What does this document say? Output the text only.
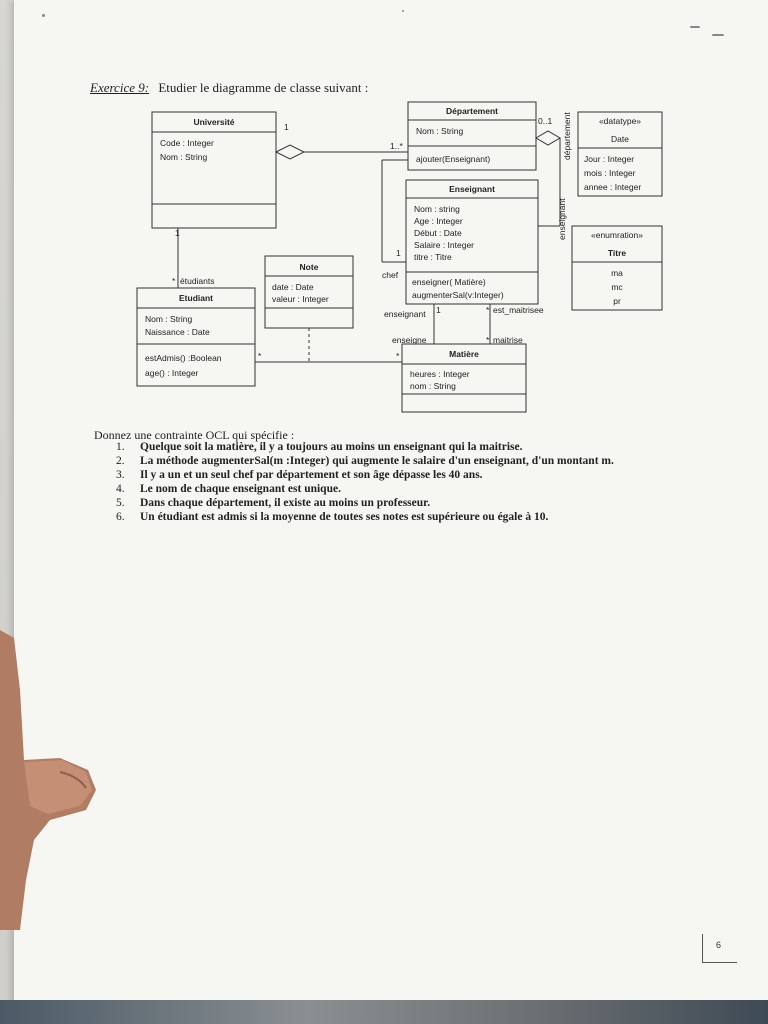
Exercice 9: Etudier le diagramme de classe suivant :
Université
Code : Integer
Nom : String
Département
Nom : String
ajouter(Enseignant)
Enseignant
Nom : string
Age : Integer
Début : Date
Salaire : Integer
titre : Titre
enseigner( Matière)
augmenterSal(v:Integer)
«datatype»
Date
Jour : Integer
mois : Integer
annee : Integer
«enumration»
Titre
ma
mc
pr
Note
date : Date
valeur : Integer
Etudiant
Nom : String
Naissance : Date
estAdmis() :Boolean
age() : Integer
Matière
heures : Integer
nom : String
1
1..*
0..1
enseignant
département
1
chef
* étudiants
1
enseignant 1	* est_maitrisee
enseigne	* maitrise
*	*
Donnez une contrainte OCL qui spécifie :
1. Quelque soit la matière, il y a toujours au moins un enseignant qui la maitrise.
2. La méthode augmenterSal(m :Integer) qui augmente le salaire d'un enseignant, d'un montant m.
3. Il y a un et un seul chef par département et son âge dépasse les 40 ans.
4. Le nom de chaque enseignant est unique.
5. Dans chaque département, il existe au moins un professeur.
6. Un étudiant est admis si la moyenne de toutes ses notes est supérieure ou égale à 10.
6
